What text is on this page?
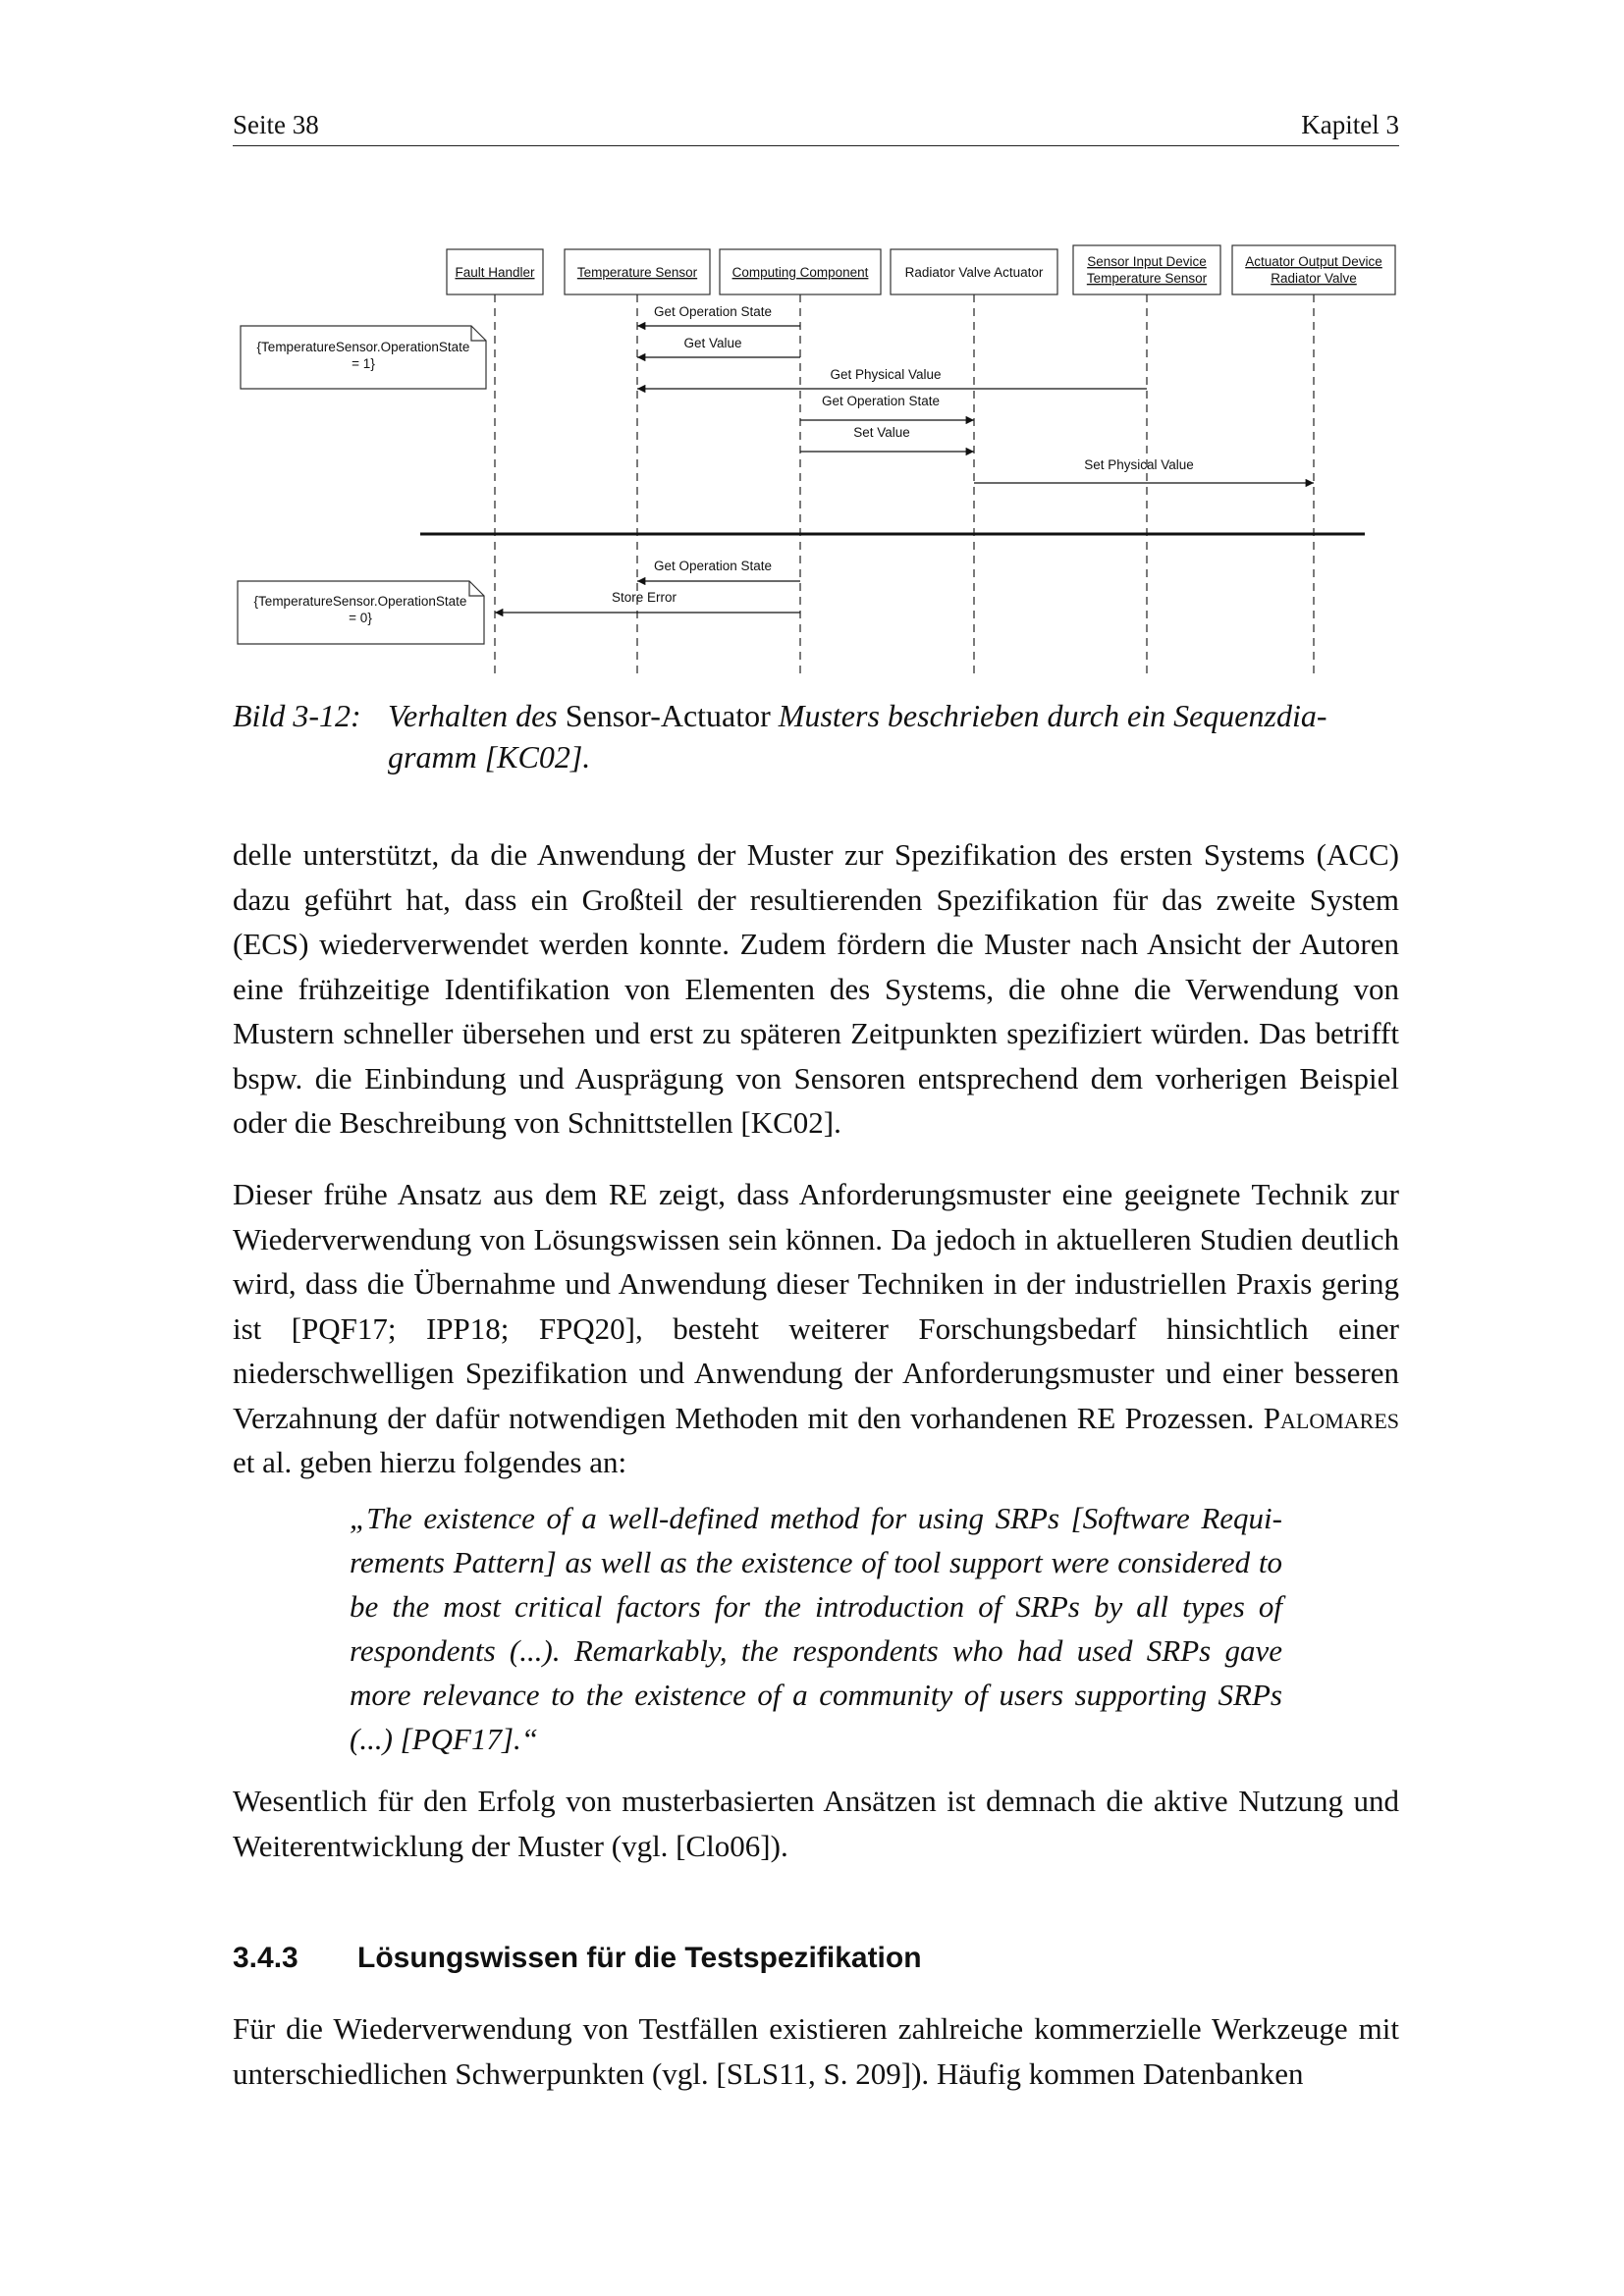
Seite 38	Kapitel 3
Fault Handler	Temperature Sensor	Computing Component	Radiator Valve Actuator
Sensor Input Device
Temperature Sensor
Actuator Output Device
Radiator Valve
{TemperatureSensor.OperationState
= 1}
Get Operation State
Get Value
Get Physical Value
Get Operation State
Set Value
Set Physical Value
{TemperatureSensor.OperationState
= 0}
Get Operation State
Store Error
Bild 3-12: Verhalten des Sensor-Actuator Musters beschrieben durch ein Sequenzdia-gramm [KC02].
delle unterstützt, da die Anwendung der Muster zur Spezifikation des ersten Systems (ACC) dazu geführt hat, dass ein Großteil der resultierenden Spezifikation für das zweite System (ECS) wiederverwendet werden konnte. Zudem fördern die Muster nach Ansicht der Autoren eine frühzeitige Identifikation von Elementen des Systems, die ohne die Verwendung von Mustern schneller übersehen und erst zu späteren Zeitpunkten spezifiziert würden. Das betrifft bspw. die Einbindung und Ausprägung von Sensoren entsprechend dem vorherigen Beispiel oder die Beschreibung von Schnittstellen [KC02].
Dieser frühe Ansatz aus dem RE zeigt, dass Anforderungsmuster eine geeignete Technik zur Wiederverwendung von Lösungswissen sein können. Da jedoch in aktuelleren Studien deutlich wird, dass die Übernahme und Anwendung dieser Techniken in der industriellen Praxis gering ist [PQF17; IPP18; FPQ20], besteht weiterer Forschungsbedarf hinsichtlich einer niederschwelligen Spezifikation und Anwendung der Anforderungsmuster und einer besseren Verzahnung der dafür notwendigen Methoden mit den vorhandenen RE Prozessen. Palomares et al. geben hierzu folgendes an:
„The existence of a well-defined method for using SRPs [Software Requi-rements Pattern] as well as the existence of tool support were considered to be the most critical factors for the introduction of SRPs by all types of respondents (...). Remarkably, the respondents who had used SRPs gave more relevance to the existence of a community of users supporting SRPs (...) [PQF17].“
Wesentlich für den Erfolg von musterbasierten Ansätzen ist demnach die aktive Nutzung und Weiterentwicklung der Muster (vgl. [Clo06]).
3.4.3 Lösungswissen für die Testspezifikation
Für die Wiederverwendung von Testfällen existieren zahlreiche kommerzielle Werkzeuge mit unterschiedlichen Schwerpunkten (vgl. [SLS11, S. 209]). Häufig kommen Datenbanken
